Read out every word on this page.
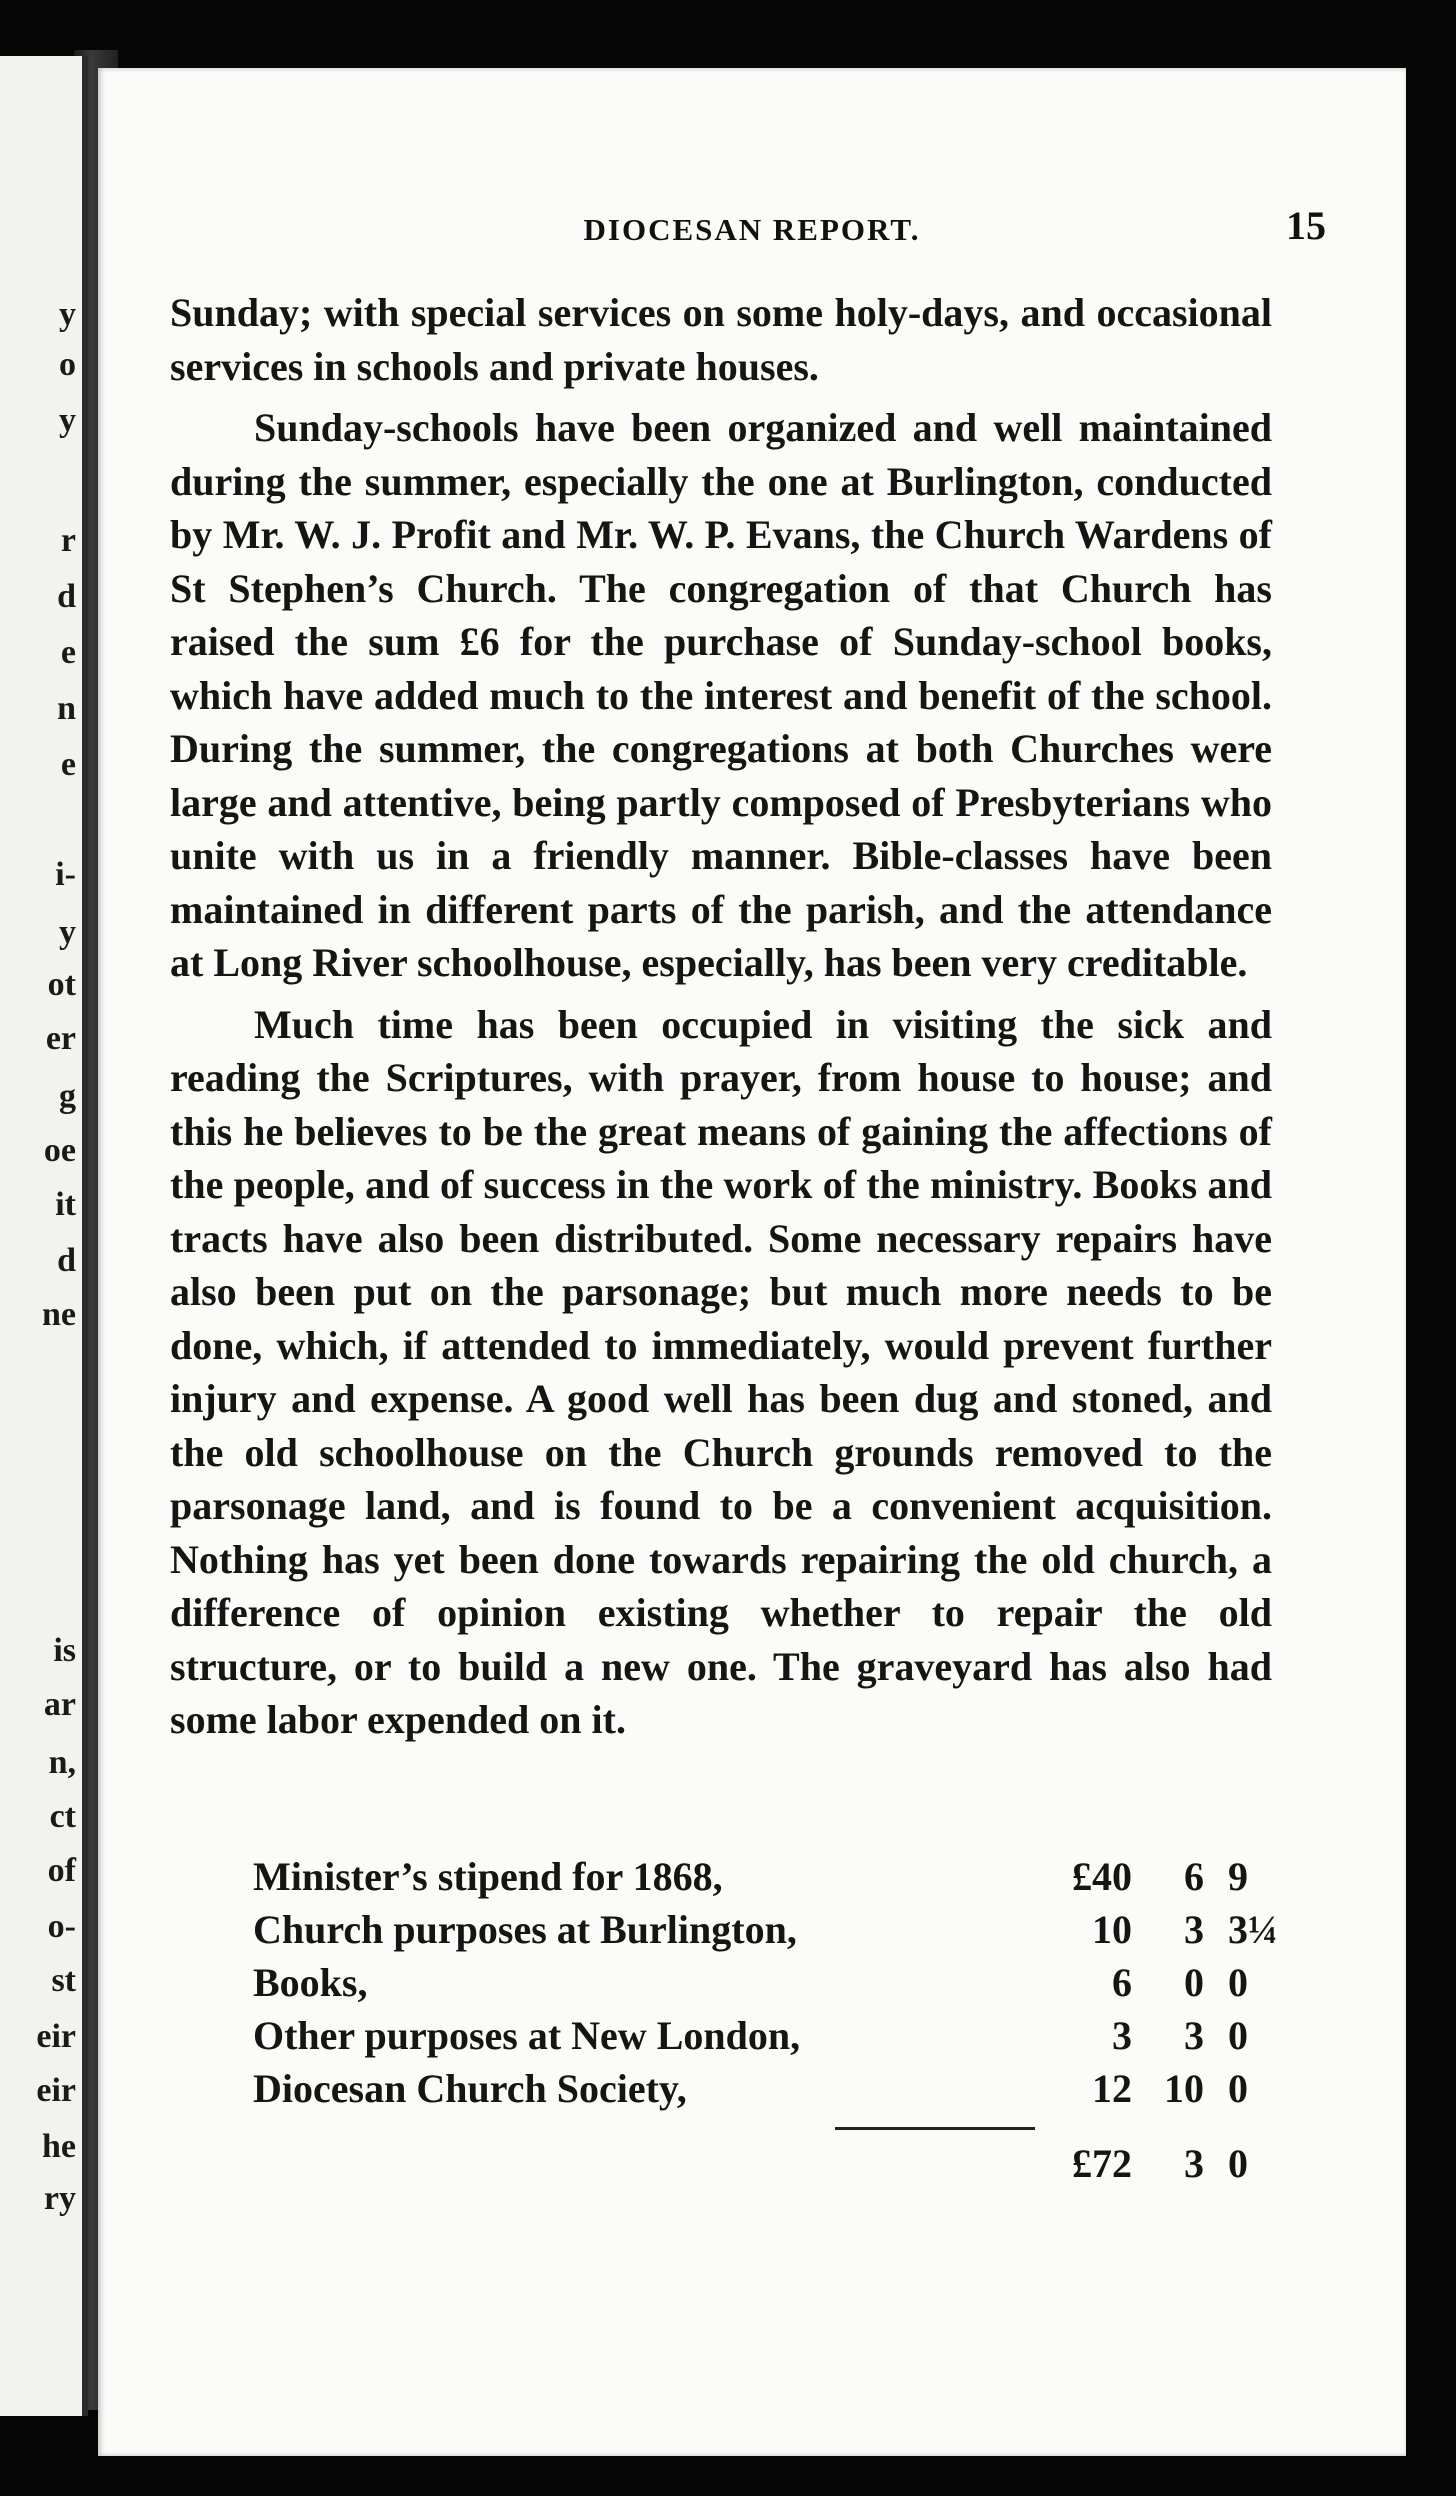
y
o
y
r
d
e
n
e
i-
y
ot
er
g
oe
it
d
ne
is
ar
n,
ct
of
o-
st
eir
eir
he
ry
DIOCESAN REPORT.	15

Sunday; with special services on some holy-days, and occasional services in schools and private houses.

Sunday-schools have been organized and well maintained during the summer, especially the one at Burlington, conducted by Mr. W. J. Profit and Mr. W. P. Evans, the Church Wardens of St Stephen’s Church. The congregation of that Church has raised the sum £6 for the purchase of Sunday-school books, which have added much to the interest and benefit of the school. During the summer, the congregations at both Churches were large and attentive, being partly composed of Presbyterians who unite with us in a friendly manner. Bible-classes have been maintained in different parts of the parish, and the attendance at Long River schoolhouse, especially, has been very creditable.

Much time has been occupied in visiting the sick and reading the Scriptures, with prayer, from house to house; and this he believes to be the great means of gaining the affections of the people, and of success in the work of the ministry. Books and tracts have also been distributed. Some necessary repairs have also been put on the parsonage; but much more needs to be done, which, if attended to immediately, would prevent further injury and expense. A good well has been dug and stoned, and the old schoolhouse on the Church grounds removed to the parsonage land, and is found to be a convenient acquisition. Nothing has yet been done towards repairing the old church, a difference of opinion existing whether to repair the old structure, or to build a new one. The graveyard has also had some labor expended on it.

Minister’s stipend for 1868,	£40	6 9
Church purposes at Burlington,	10	3 3¼
Books,	6	0 0
Other purposes at New London,	3	3 0
Diocesan Church Society,	12 10 0
£72	3 0
